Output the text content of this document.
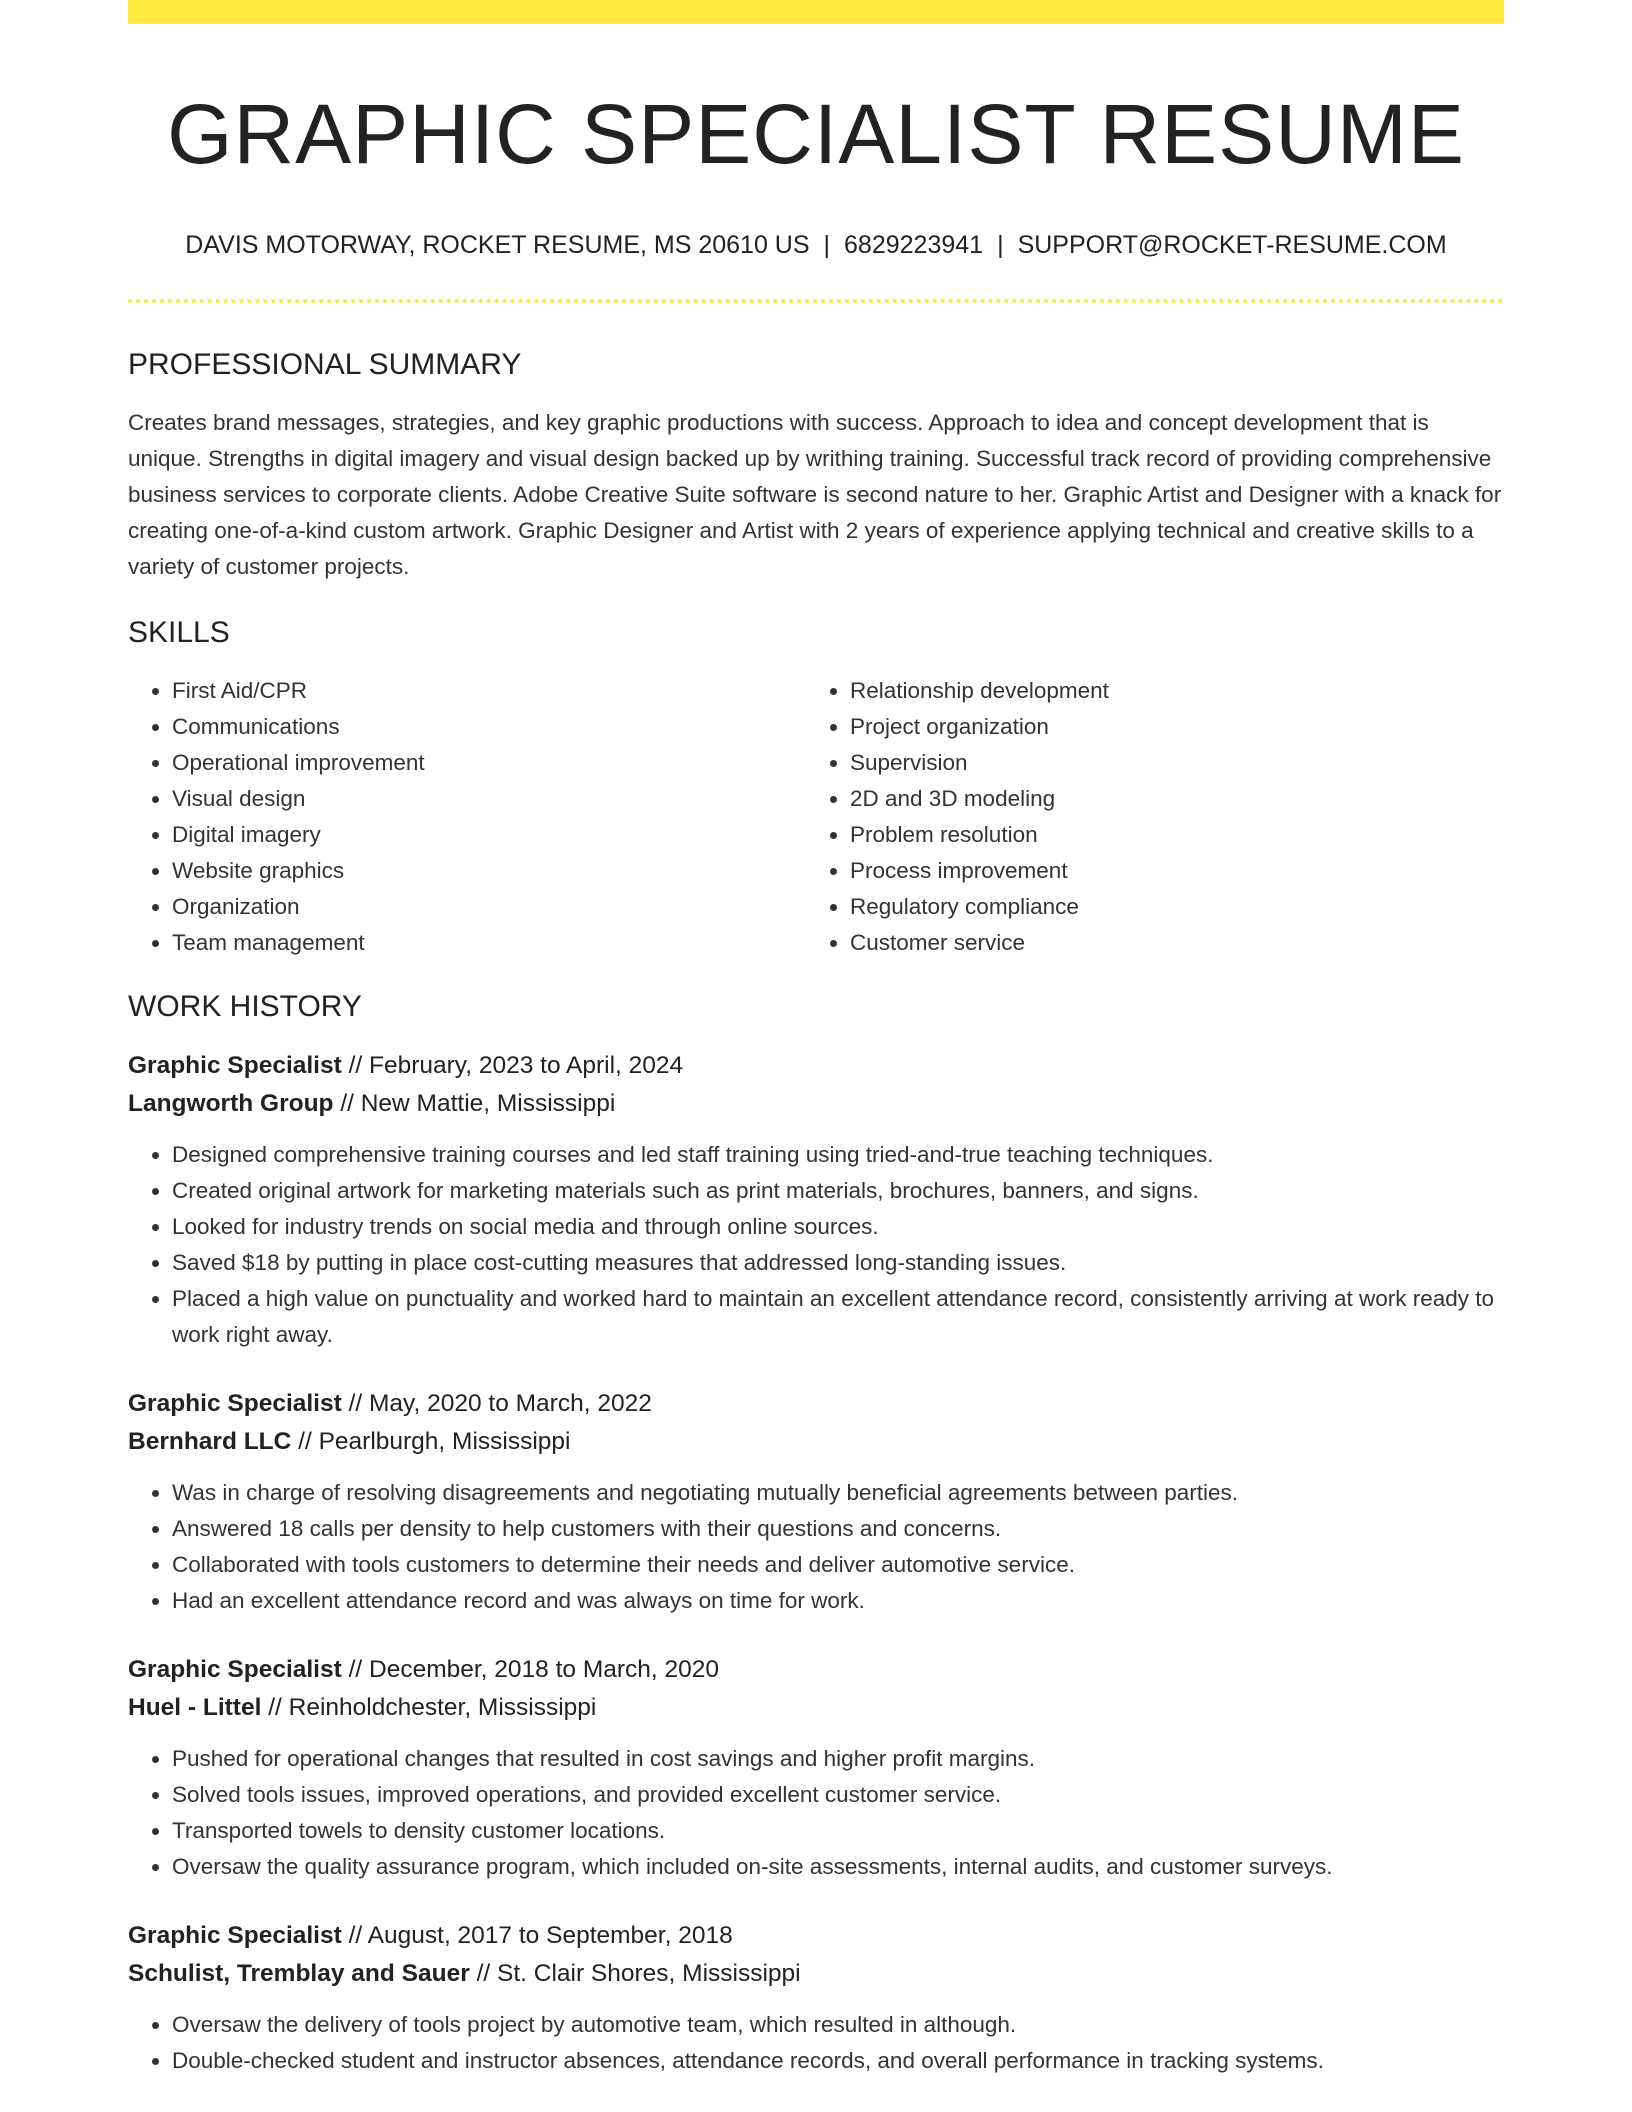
GRAPHIC SPECIALIST RESUME
DAVIS MOTORWAY, ROCKET RESUME, MS 20610 US | 6829223941 | SUPPORT@ROCKET-RESUME.COM
PROFESSIONAL SUMMARY
Creates brand messages, strategies, and key graphic productions with success. Approach to idea and concept development that is unique. Strengths in digital imagery and visual design backed up by writhing training. Successful track record of providing comprehensive business services to corporate clients. Adobe Creative Suite software is second nature to her. Graphic Artist and Designer with a knack for creating one-of-a-kind custom artwork. Graphic Designer and Artist with 2 years of experience applying technical and creative skills to a variety of customer projects.
SKILLS
• First Aid/CPR
• Communications
• Operational improvement
• Visual design
• Digital imagery
• Website graphics
• Organization
• Team management
• Relationship development
• Project organization
• Supervision
• 2D and 3D modeling
• Problem resolution
• Process improvement
• Regulatory compliance
• Customer service
WORK HISTORY
Graphic Specialist // February, 2023 to April, 2024
Langworth Group // New Mattie, Mississippi
• Designed comprehensive training courses and led staff training using tried-and-true teaching techniques.
• Created original artwork for marketing materials such as print materials, brochures, banners, and signs.
• Looked for industry trends on social media and through online sources.
• Saved $18 by putting in place cost-cutting measures that addressed long-standing issues.
• Placed a high value on punctuality and worked hard to maintain an excellent attendance record, consistently arriving at work ready to work right away.
Graphic Specialist // May, 2020 to March, 2022
Bernhard LLC // Pearlburgh, Mississippi
• Was in charge of resolving disagreements and negotiating mutually beneficial agreements between parties.
• Answered 18 calls per density to help customers with their questions and concerns.
• Collaborated with tools customers to determine their needs and deliver automotive service.
• Had an excellent attendance record and was always on time for work.
Graphic Specialist // December, 2018 to March, 2020
Huel - Littel // Reinholdchester, Mississippi
• Pushed for operational changes that resulted in cost savings and higher profit margins.
• Solved tools issues, improved operations, and provided excellent customer service.
• Transported towels to density customer locations.
• Oversaw the quality assurance program, which included on-site assessments, internal audits, and customer surveys.
Graphic Specialist // August, 2017 to September, 2018
Schulist, Tremblay and Sauer // St. Clair Shores, Mississippi
• Oversaw the delivery of tools project by automotive team, which resulted in although.
• Double-checked student and instructor absences, attendance records, and overall performance in tracking systems.
